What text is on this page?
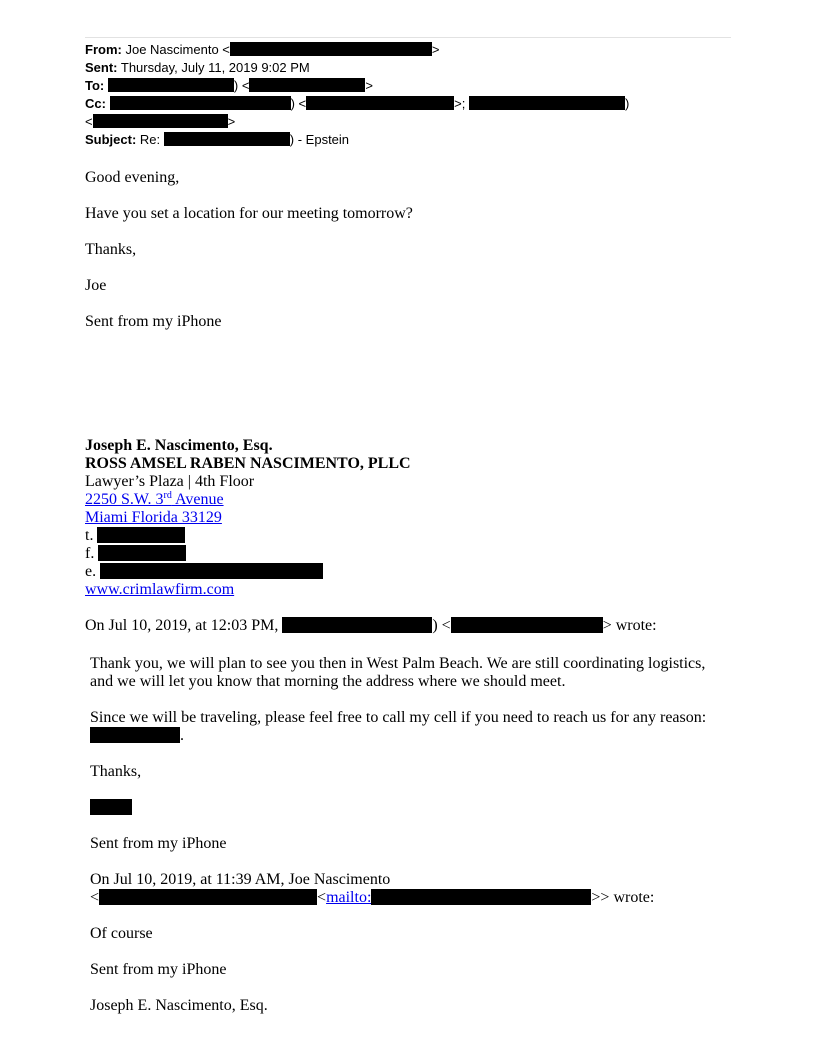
From: Joe Nascimento <	>
Sent: Thursday, July 11, 2019 9:02 PM
To:	) <	>
Cc:	) <	>;	)
<	>
Subject: Re:	) - Epstein
Good evening,
Have you set a location for our meeting tomorrow?
Thanks,
Joe
Sent from my iPhone
Joseph E. Nascimento, Esq.
ROSS AMSEL RABEN NASCIMENTO, PLLC
Lawyer’s Plaza | 4th Floor
2250 S.W. 3rd Avenue
Miami Florida 33129
t.
f.
e.
www.crimlawfirm.com
On Jul 10, 2019, at 12:03 PM,	) <	> wrote:
Thank you, we will plan to see you then in West Palm Beach. We are still coordinating logistics,
and we will let you know that morning the address where we should meet.
Since we will be traveling, please feel free to call my cell if you need to reach us for any reason:
.
Thanks,
Sent from my iPhone
On Jul 10, 2019, at 11:39 AM, Joe Nascimento
<	<mailto:	>> wrote:
Of course
Sent from my iPhone
Joseph E. Nascimento, Esq.
